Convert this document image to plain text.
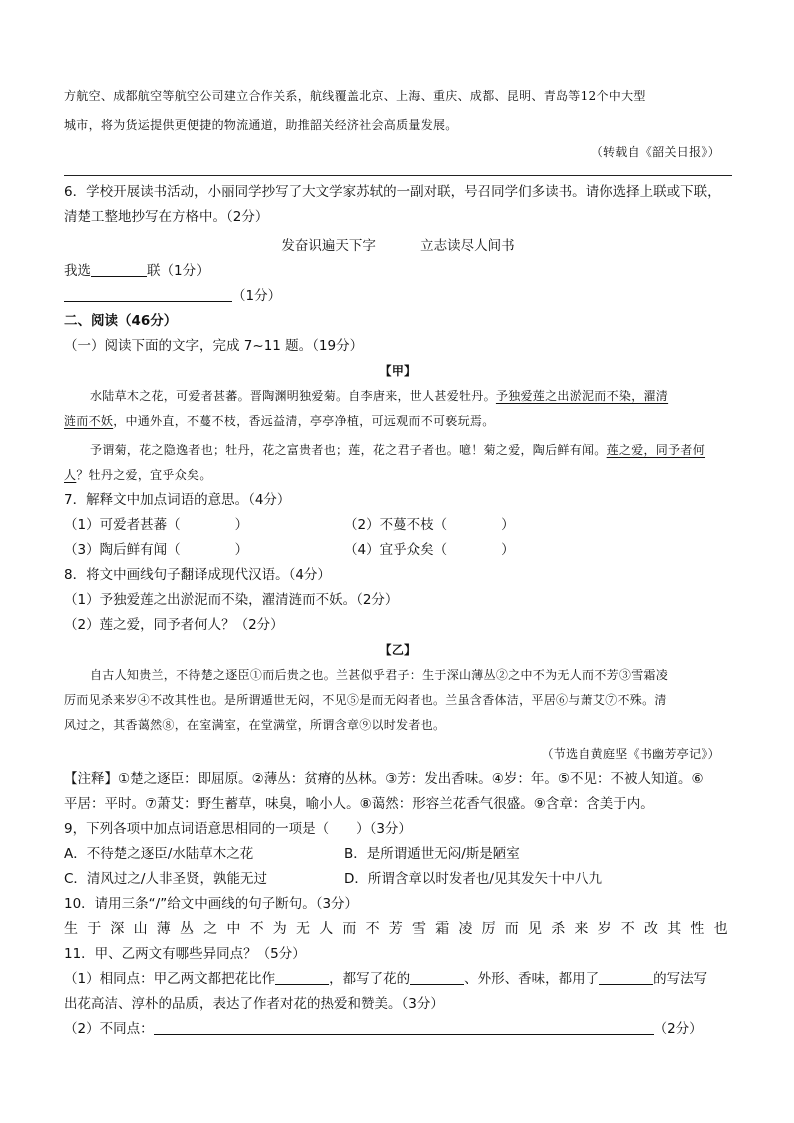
方航空、成都航空等航空公司建立合作关系，航线覆盖北京、上海、重庆、成都、昆明、青岛等12个中大型
城市，将为货运提供更便捷的物流通道，助推韶关经济社会高质量发展。
（转载自《韶关日报》）
6．学校开展读书活动，小丽同学抄写了大文学家苏轼的一副对联，号召同学们多读书。请你选择上联或下联，
清楚工整地抄写在方格中。（2分）
发奋识遍天下字	立志读尽人间书
我选	联（1分）
（1分）
二、阅读（46分）
（一）阅读下面的文字，完成 7~11 题。（19分）
【甲】
水陆草木之花，可爱者甚蕃。晋陶渊明独爱菊。自李唐来，世人甚爱牡丹。予独爱莲之出淤泥而不染，濯清
涟而不妖，中通外直，不蔓不枝，香远益清，亭亭净植，可远观而不可亵玩焉。
予谓菊，花之隐逸者也；牡丹，花之富贵者也；莲，花之君子者也。噫！菊之爱，陶后鲜有闻。莲之爱，同予者何
人？牡丹之爱，宜乎众矣。
7．解释文中加点词语的意思。（4分）
（1）可爱者甚蕃（　　　　）	（2）不蔓不枝（　　　　）
（3）陶后鲜有闻（　　　　）	（4）宜乎众矣（　　　　）
8．将文中画线句子翻译成现代汉语。（4分）
（1）予独爱莲之出淤泥而不染，濯清涟而不妖。（2分）
（2）莲之爱，同予者何人？（2分）
【乙】
自古人知贵兰，不待楚之逐臣①而后贵之也。兰甚似乎君子：生于深山薄丛②之中不为无人而不芳③雪霜凌
厉而见杀来岁④不改其性也。是所谓遁世无闷，不见⑤是而无闷者也。兰虽含香体洁，平居⑥与萧艾⑦不殊。清
风过之，其香蔼然⑧，在室满室，在堂满堂，所谓含章⑨以时发者也。
（节选自黄庭坚《书幽芳亭记》）
【注释】①楚之逐臣：即屈原。②薄丛：贫瘠的丛林。③芳：发出香味。④岁：年。⑤不见：不被人知道。⑥
平居：平时。⑦萧艾：野生蓄草，味臭，喻小人。⑧蔼然：形容兰花香气很盛。⑨含章：含美于内。
9，下列各项中加点词语意思相同的一项是（　　）（3分）
A．不待楚之逐臣/水陆草木之花	B．是所谓遁世无闷/斯是陋室
C．清风过之/人非圣贤，孰能无过	D．所谓含章以时发者也/见其发矢十中八九
10．请用三条“/”给文中画线的句子断句。（3分）
生于深山薄丛之中不为无人而不芳雪霜凌厉而见杀来岁不改其性也
11．甲、乙两文有哪些异同点？（5分）
（1）相同点：甲乙两文都把花比作	，都写了花的	、外形、香味，都用了	的写法写
出花高洁、淳朴的品质，表达了作者对花的热爱和赞美。（3分）
（2）不同点：	（2分）
